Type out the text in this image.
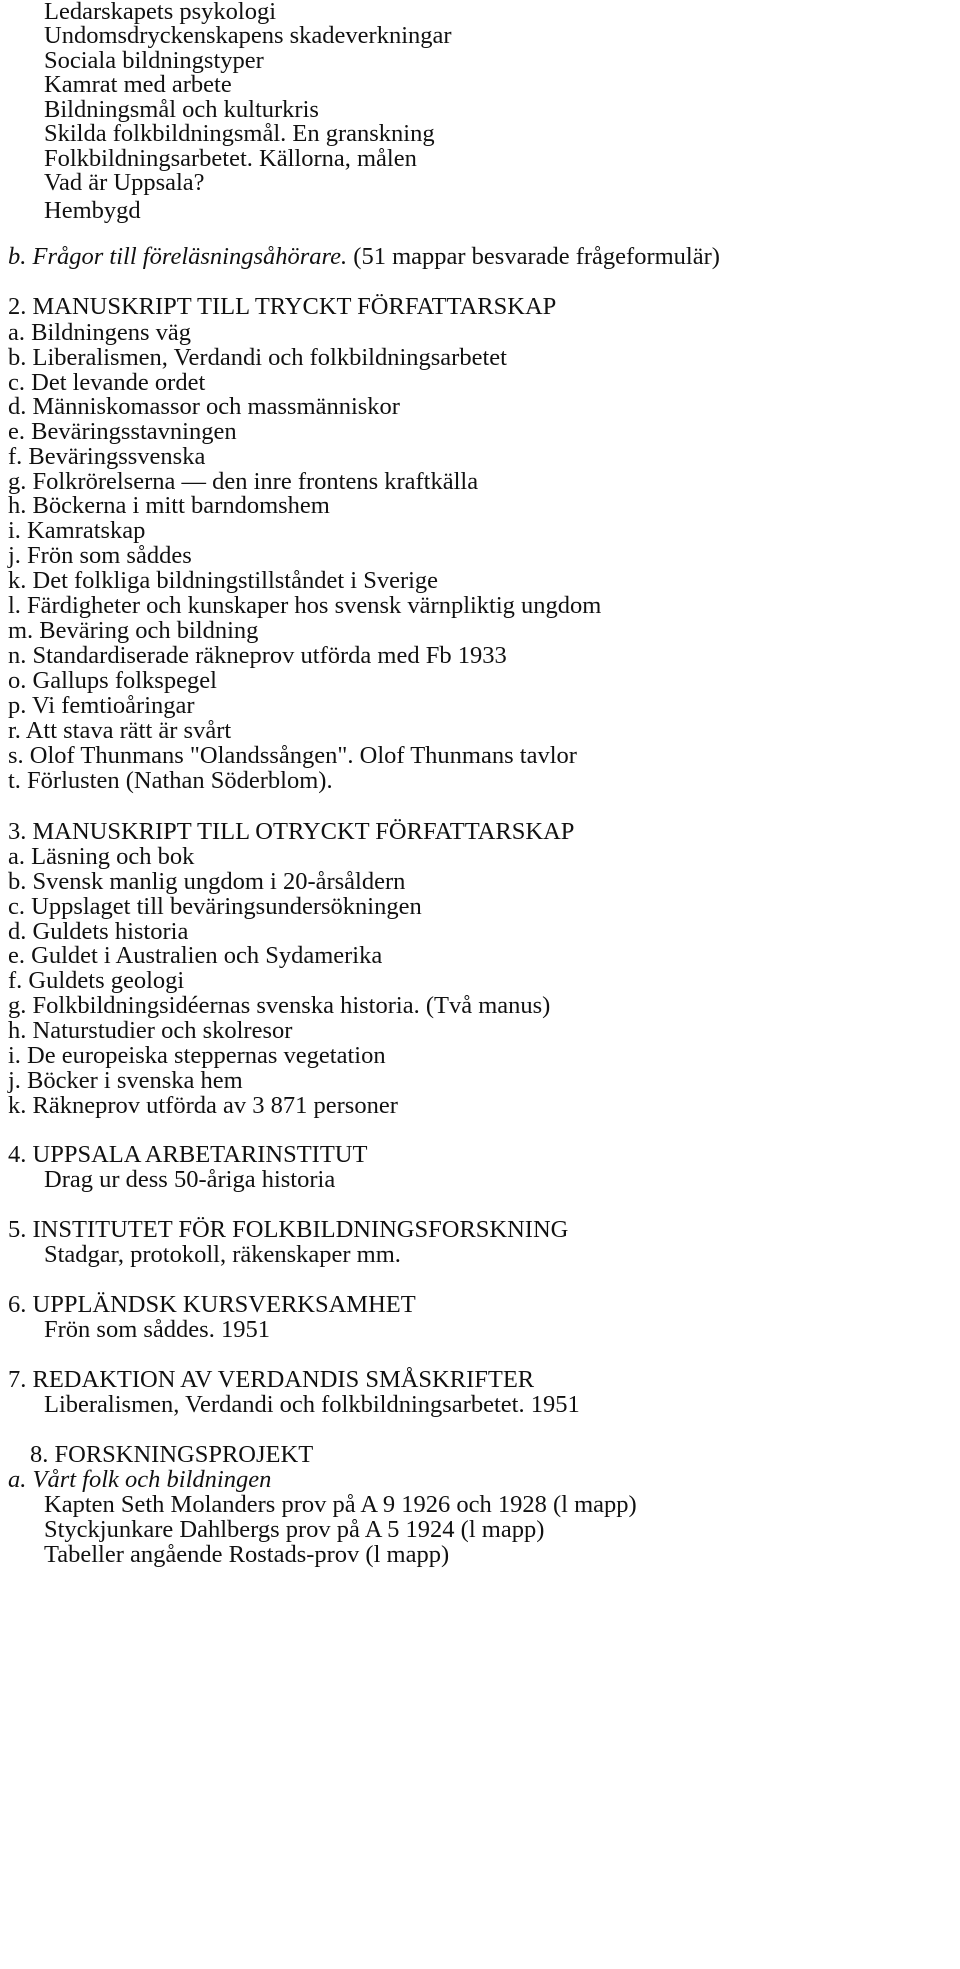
Ledarskapets psykologi
Undomsdryckenskapens skadeverkningar
Sociala bildningstyper
Kamrat med arbete
Bildningsmål och kulturkris
Skilda folkbildningsmål. En granskning
Folkbildningsarbetet. Källorna, målen
Vad är Uppsala?
Hembygd
b. Frågor till föreläsningsåhörare. (51 mappar besvarade frågeformulär)
2. MANUSKRIPT TILL TRYCKT FÖRFATTARSKAP
a. Bildningens väg
b. Liberalismen, Verdandi och folkbildningsarbetet
c. Det levande ordet
d. Människomassor och massmänniskor
e. Beväringsstavningen
f. Beväringssvenska
g. Folkrörelserna — den inre frontens kraftkälla
h. Böckerna i mitt barndomshem
i. Kamratskap
j. Frön som såddes
k. Det folkliga bildningstillståndet i Sverige
l. Färdigheter och kunskaper hos svensk värnpliktig ungdom
m. Beväring och bildning
n. Standardiserade räkneprov utförda med Fb 1933
o. Gallups folkspegel
p. Vi femtioåringar
r. Att stava rätt är svårt
s. Olof Thunmans "Olandssången". Olof Thunmans tavlor
t. Förlusten (Nathan Söderblom).
3. MANUSKRIPT TILL OTRYCKT FÖRFATTARSKAP
a. Läsning och bok
b. Svensk manlig ungdom i 20-årsåldern
c. Uppslaget till beväringsundersökningen
d. Guldets historia
e. Guldet i Australien och Sydamerika
f. Guldets geologi
g. Folkbildningsidéernas svenska historia. (Två manus)
h. Naturstudier och skolresor
i. De europeiska steppernas vegetation
j. Böcker i svenska hem
k. Räkneprov utförda av 3 871 personer
4. UPPSALA ARBETARINSTITUT
Drag ur dess 50-åriga historia
5. INSTITUTET FÖR FOLKBILDNINGSFORSKNING
Stadgar, protokoll, räkenskaper mm.
6. UPPLÄNDSK KURSVERKSAMHET
Frön som såddes. 1951
7. REDAKTION AV VERDANDIS SMÅSKRIFTER
Liberalismen, Verdandi och folkbildningsarbetet. 1951
8. FORSKNINGSPROJEKT
a. Vårt folk och bildningen
Kapten Seth Molanders prov på A 9 1926 och 1928 (l mapp)
Styckjunkare Dahlbergs prov på A 5 1924 (l mapp)
Tabeller angående Rostads-prov (l mapp)
